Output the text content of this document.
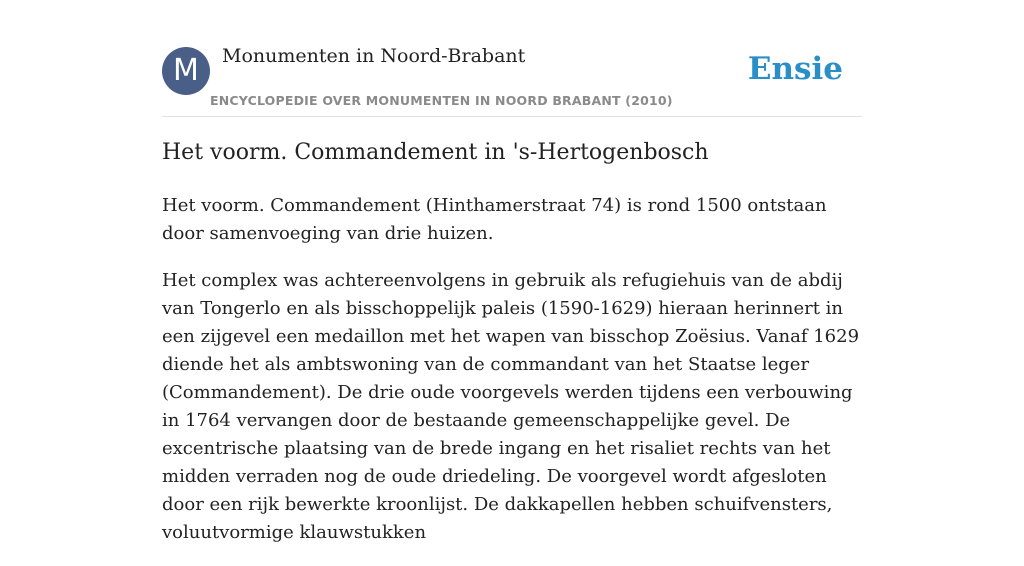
M	Monumenten in Noord-Brabant
ENCYCLOPEDIE OVER MONUMENTEN IN NOORD BRABANT (2010)
Ensie
Het voorm. Commandement in 's-Hertogenbosch

Het voorm. Commandement (Hinthamerstraat 74) is rond 1500 ontstaan door samenvoeging van drie huizen.

Het complex was achtereenvolgens in gebruik als refugiehuis van de abdij van Tongerlo en als bisschoppelijk paleis (1590-1629) hieraan herinnert in een zijgevel een medaillon met het wapen van bisschop Zoësius. Vanaf 1629 diende het als ambtswoning van de commandant van het Staatse leger (Commandement). De drie oude voorgevels werden tijdens een verbouwing in 1764 vervangen door de bestaande gemeenschappelijke gevel. De excentrische plaatsing van de brede ingang en het risaliet rechts van het midden verraden nog de oude driedeling. De voorgevel wordt afgesloten door een rijk bewerkte kroonlijst. De dakkapellen hebben schuifvensters, voluutvormige klauwstukken
